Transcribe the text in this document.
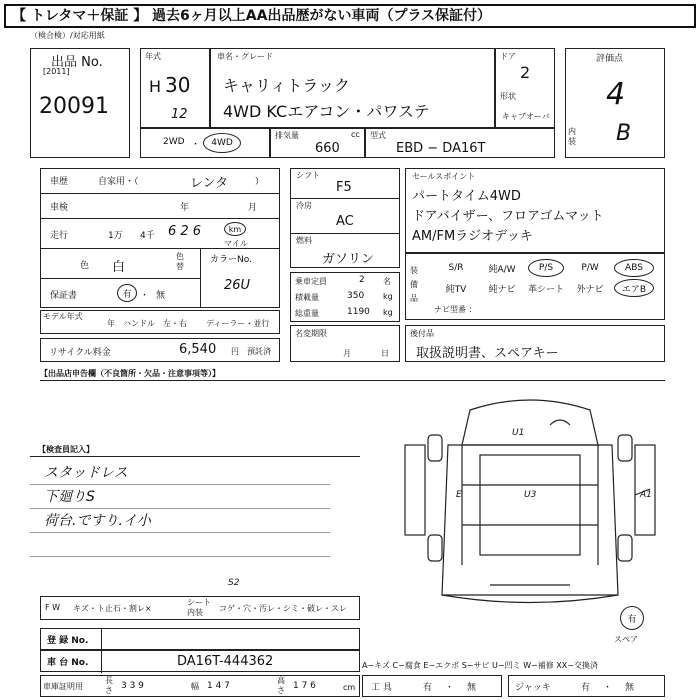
【 トレタマ＋保証 】 過去6ヶ月以上AA出品歴がない車両（プラス保証付）
（検合検）/対応用紙
出品 No.
[2011]
20091
年式
H 30
12
車名・グレード
キャリィトラック
4WD KCエアコン・パワステ
ドア
2
形状
キャブオーバ
評価点
4
内装 B
2WD ・	4WD
排気量	cc
660
型式
EBD − DA16T
車歴	自家用・（	レンタ	）
車検	年	月
走行	1万 4千 6 2 6	km
マイル
色 白
色替
カラーNo.
26U
保証書	有 ・ 無
モデル年式
年 ハンドル　左・右 ディーラー・並行
リサイクル料金	6,540 円 預託済
シフト
F5
冷房
AC
燃料
ガソリン
乗車定員	2 名
積載量	350 kg
総重量	1190 kg
名変期限
月	日
セールスポイント
パートタイム4WD
ドアバイザー、フロアゴムマット
AM/FMラジオデッキ
装備品
S/R	純A/W	P/S	P/W	ABS
純TV	純ナビ	革シート	外ナビ	エアB
ナビ型番 ：
後付品
取扱説明書、スペアキー
【出品店申告欄（不良箇所・欠品・注意事項等）】
【検査員記入】
スタッドレス
下廻りS
荷台.ですり.イ小
U1
E	U3	A1
S2
有
スペア
F W キズ・ト止石・割レ×
シート内装	コゲ・穴・汚レ・シミ・破レ・スレ
登 録 No.
車 台 No.	DA16T-444362	A−キズ C−腐食 E−エクボ S−サビ U−凹ミ W−補修 XX−交換済
車庫証明用
長さ 3 3 9	幅 1 4 7
高さ 1 7 6	cm 工 具	有 ・ 無	ジャッキ	有 ・ 無
